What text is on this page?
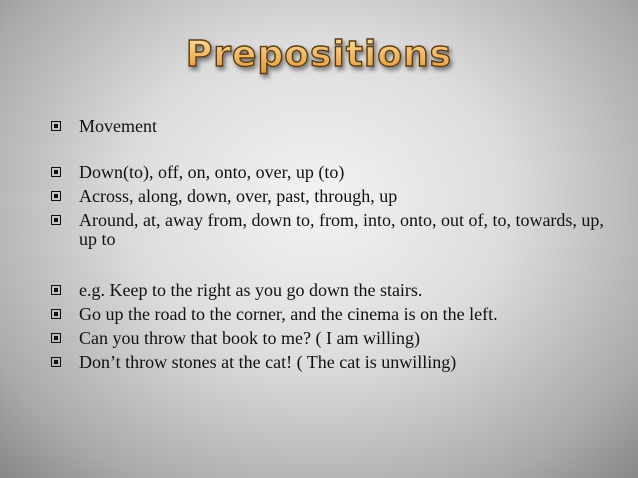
Prepositions
Movement
Down(to), off, on, onto, over, up (to)
Across, along, down, over, past, through, up
Around, at, away from, down to, from, into, onto, out of, to, towards, up, up to
e.g. Keep to the right as you go down the stairs.
Go up the road to the corner, and the cinema is on the left.
Can you throw that book to me? ( I am willing)
Don’t throw stones at the cat! ( The cat is unwilling)
